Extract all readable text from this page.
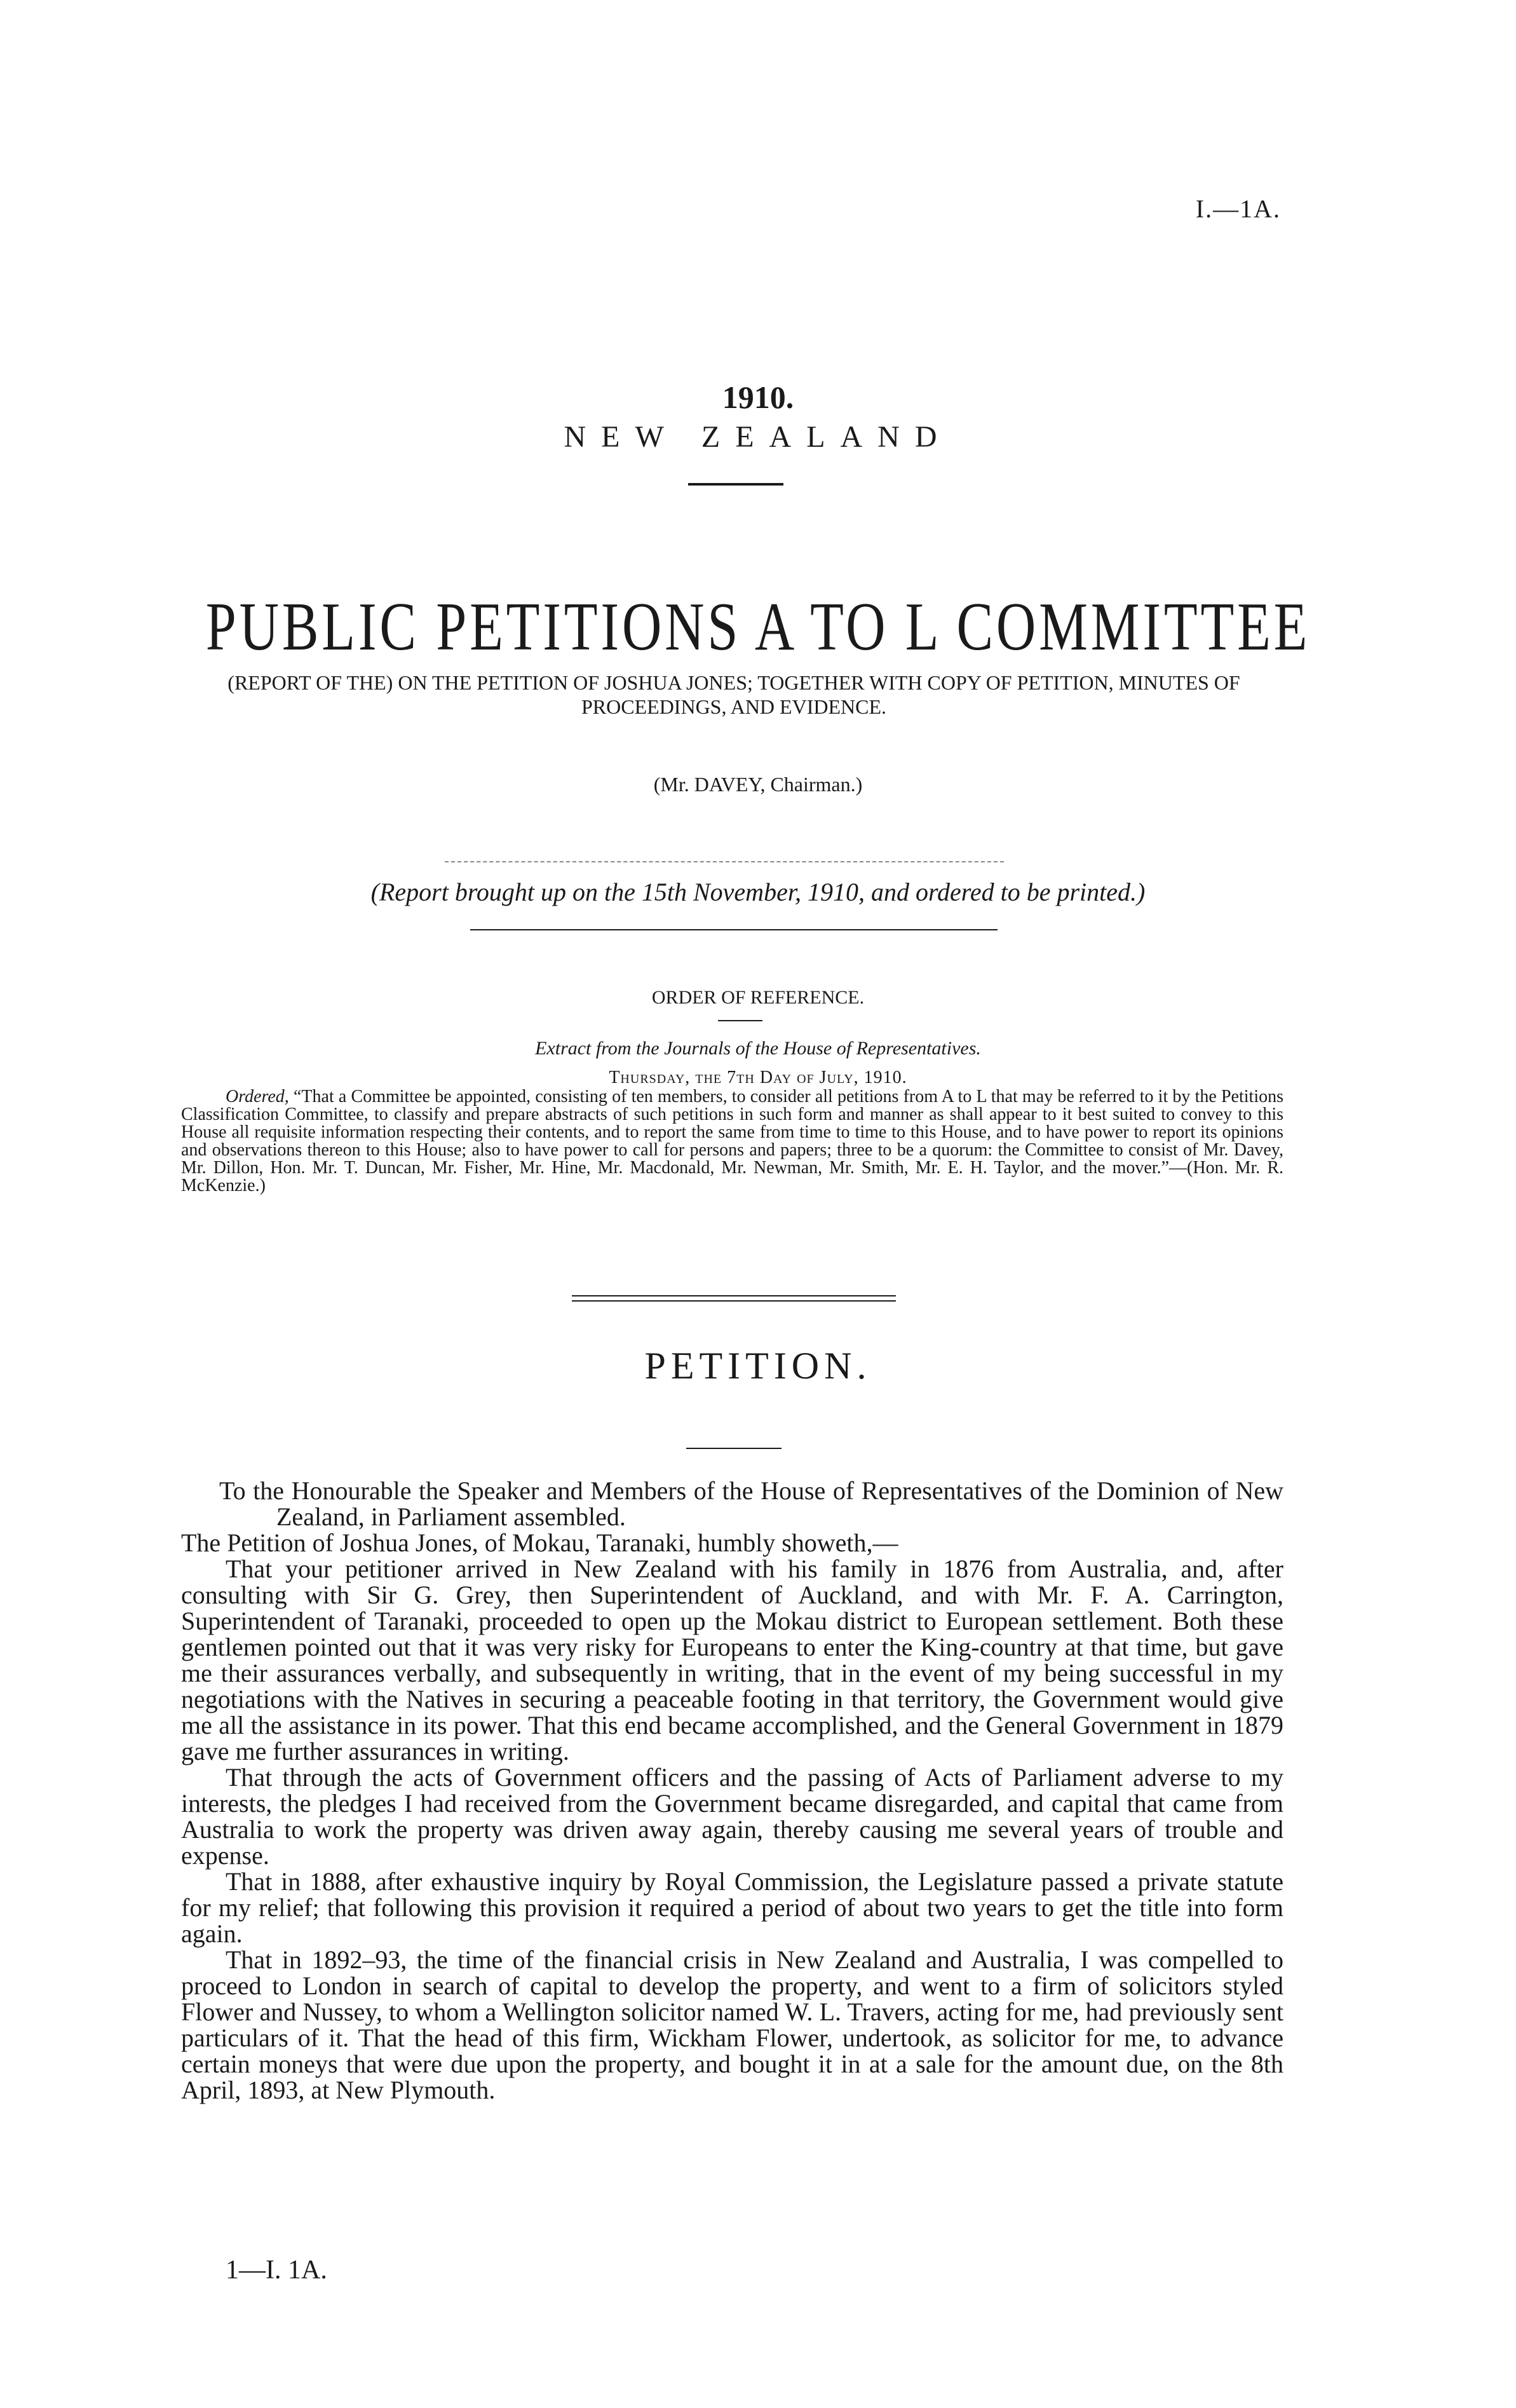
I.—1A.
1910.
NEW ZEALAND
PUBLIC PETITIONS A TO L COMMITTEE
(REPORT OF THE) ON THE PETITION OF JOSHUA JONES; TOGETHER WITH COPY OF PETITION, MINUTES OF PROCEEDINGS, AND EVIDENCE.
(Mr. DAVEY, Chairman.)
(Report brought up on the 15th November, 1910, and ordered to be printed.)
ORDER OF REFERENCE.
Extract from the Journals of the House of Representatives.
Thursday, the 7th Day of July, 1910.

Ordered, “That a Committee be appointed, consisting of ten members, to consider all petitions from A to L that may be referred to it by the Petitions Classification Committee, to classify and prepare abstracts of such petitions in such form and manner as shall appear to it best suited to convey to this House all requisite information respecting their contents, and to report the same from time to time to this House, and to have power to report its opinions and observations thereon to this House; also to have power to call for persons and papers; three to be a quorum: the Committee to consist of Mr. Davey, Mr. Dillon, Hon. Mr. T. Duncan, Mr. Fisher, Mr. Hine, Mr. Macdonald, Mr. Newman, Mr. Smith, Mr. E. H. Taylor, and the mover.”—(Hon. Mr. R. McKenzie.)

PETITION.

To the Honourable the Speaker and Members of the House of Representatives of the Dominion of New Zealand, in Parliament assembled.

The Petition of Joshua Jones, of Mokau, Taranaki, humbly showeth,—

That your petitioner arrived in New Zealand with his family in 1876 from Australia, and, after consulting with Sir G. Grey, then Superintendent of Auckland, and with Mr. F. A. Carrington, Superintendent of Taranaki, proceeded to open up the Mokau district to European settlement. Both these gentlemen pointed out that it was very risky for Europeans to enter the King-country at that time, but gave me their assurances verbally, and subsequently in writing, that in the event of my being successful in my negotiations with the Natives in securing a peaceable footing in that territory, the Government would give me all the assistance in its power. That this end became accomplished, and the General Government in 1879 gave me further assurances in writing.

That through the acts of Government officers and the passing of Acts of Parliament adverse to my interests, the pledges I had received from the Government became disregarded, and capital that came from Australia to work the property was driven away again, thereby causing me several years of trouble and expense.

That in 1888, after exhaustive inquiry by Royal Commission, the Legislature passed a private statute for my relief; that following this provision it required a period of about two years to get the title into form again.

That in 1892–93, the time of the financial crisis in New Zealand and Australia, I was compelled to proceed to London in search of capital to develop the property, and went to a firm of solicitors styled Flower and Nussey, to whom a Wellington solicitor named W. L. Travers, acting for me, had previously sent particulars of it. That the head of this firm, Wickham Flower, undertook, as solicitor for me, to advance certain moneys that were due upon the property, and bought it in at a sale for the amount due, on the 8th April, 1893, at New Plymouth.

1—I. 1A.
